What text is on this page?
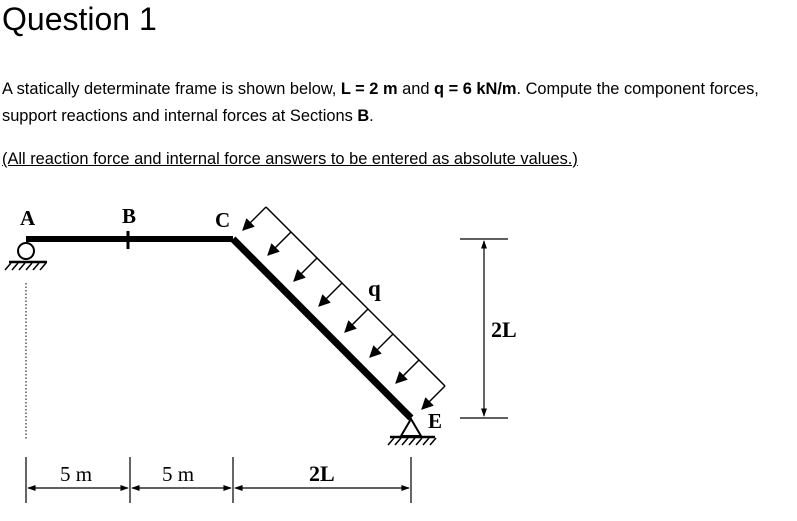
Question 1

A statically determinate frame is shown below, L = 2 m and q = 6 kN/m. Compute the component forces, support reactions and internal forces at Sections B.

(All reaction force and internal force answers to be entered as absolute values.)

A	B	C
E
q
2L
5 m	5 m	2L
